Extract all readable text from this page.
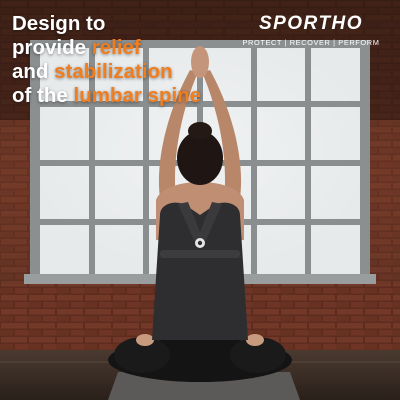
Design to
provide relief
and stabilization
of the lumbar spine
SPORTHO
PROTECT | RECOVER | PERFORM
